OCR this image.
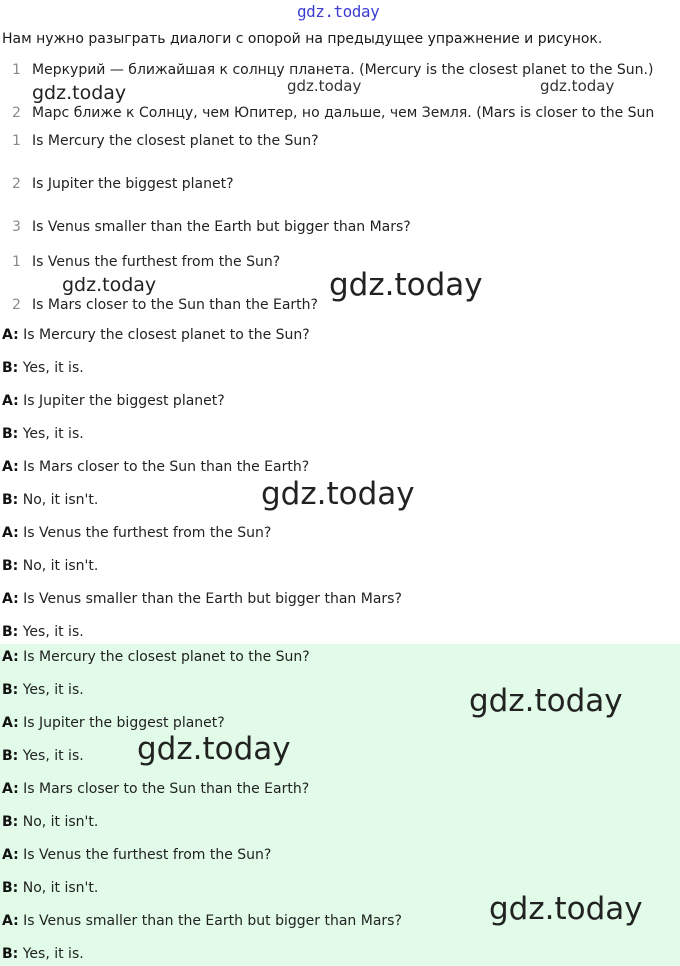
gdz.today
Нам нужно разыграть диалоги с опорой на предыдущее упражнение и рисунок.
1 Меркурий — ближайшая к солнцу планета. (Mercury is the closest planet to the Sun.)
2 Марс ближе к Солнцу, чем Юпитер, но дальше, чем Земля. (Mars is closer to the Sun
1 Is Mercury the closest planet to the Sun?
2 Is Jupiter the biggest planet?
3 Is Venus smaller than the Earth but bigger than Mars?
1 Is Venus the furthest from the Sun?
2 Is Mars closer to the Sun than the Earth?
A: Is Mercury the closest planet to the Sun?
B: Yes, it is.
A: Is Jupiter the biggest planet?
B: Yes, it is.
A: Is Mars closer to the Sun than the Earth?
B: No, it isn't.
A: Is Venus the furthest from the Sun?
B: No, it isn't.
A: Is Venus smaller than the Earth but bigger than Mars?
B: Yes, it is.
A: Is Mercury the closest planet to the Sun?
B: Yes, it is.
A: Is Jupiter the biggest planet?
B: Yes, it is.
A: Is Mars closer to the Sun than the Earth?
B: No, it isn't.
A: Is Venus the furthest from the Sun?
B: No, it isn't.
A: Is Venus smaller than the Earth but bigger than Mars?
B: Yes, it is.
gdz.today	gdz.today	gdz.today
gdz.today	gdz.today
gdz.today
gdz.today
gdz.today
gdz.today
